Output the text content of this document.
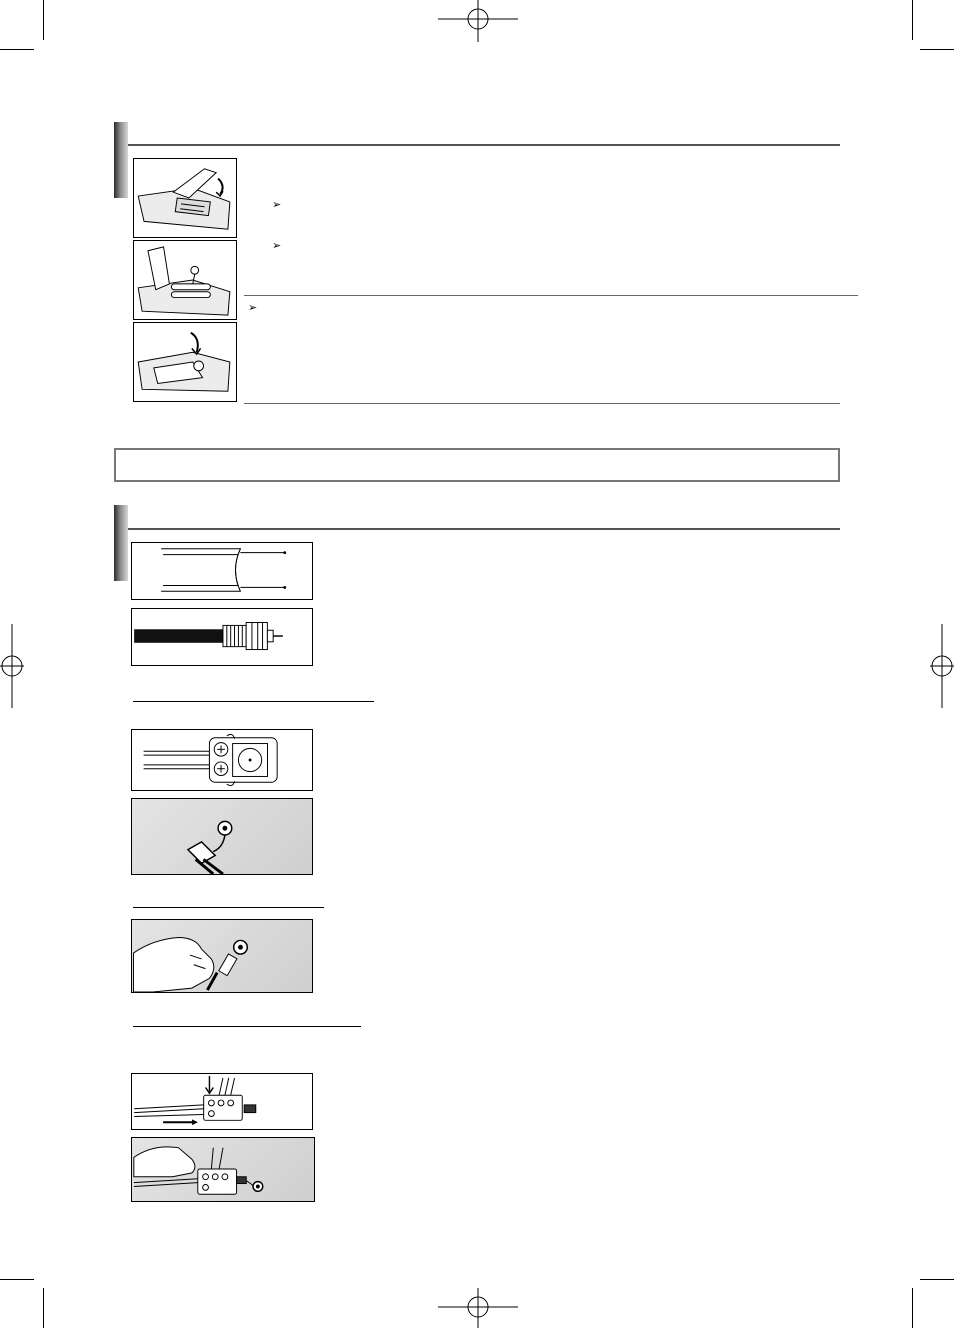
➢
➢
➢
